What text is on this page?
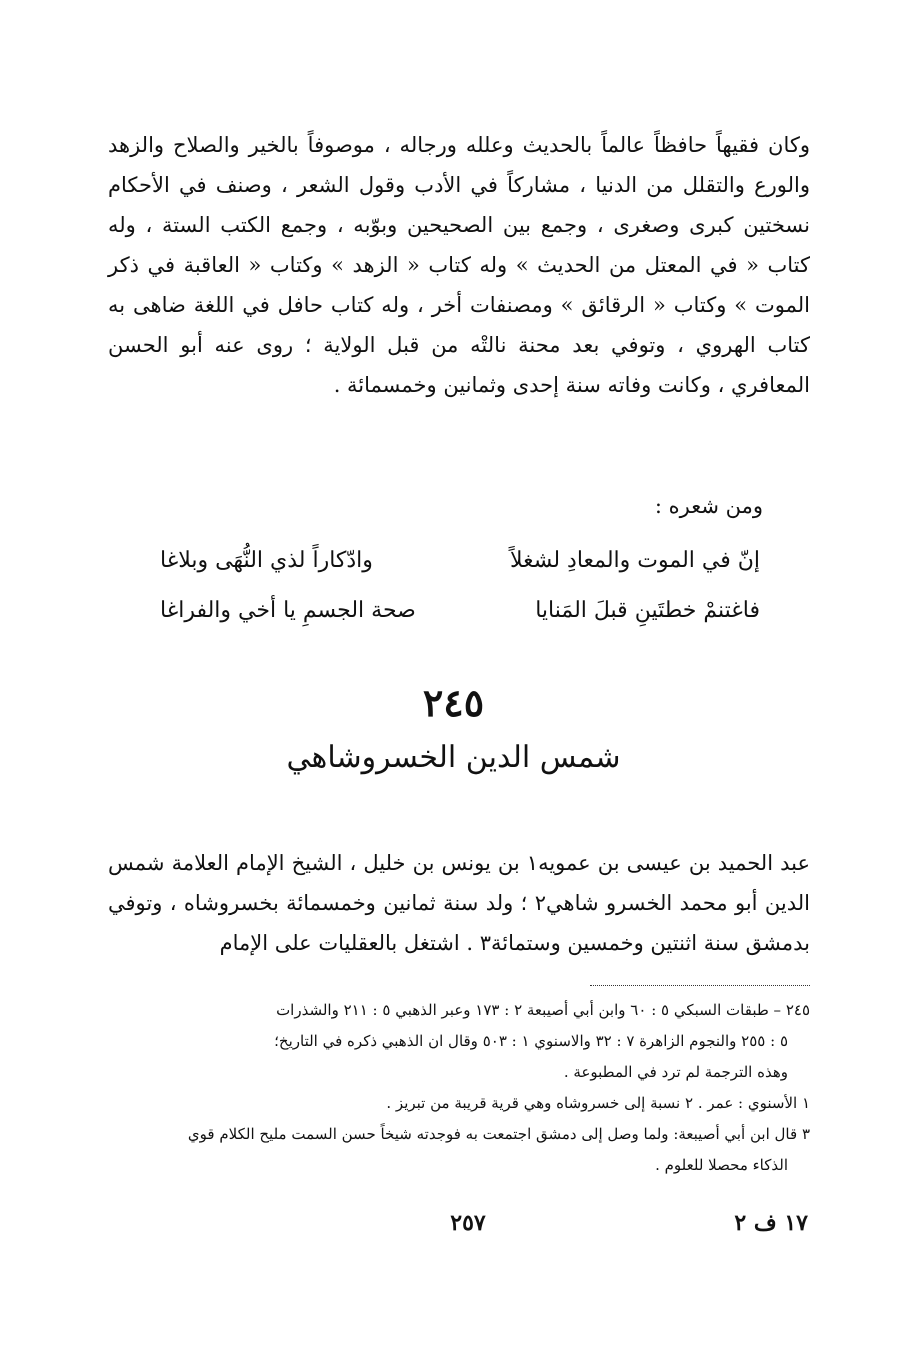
وكان فقيهاً حافظاً عالماً بالحديث وعلله ورجاله ، موصوفاً بالخير والصلاح والزهد والورع والتقلل من الدنيا ، مشاركاً في الأدب وقول الشعر ، وصنف في الأحكام نسختين كبرى وصغرى ، وجمع بين الصحيحين وبوّبه ، وجمع الكتب الستة ، وله كتاب « في المعتل من الحديث » وله كتاب « الزهد » وكتاب « العاقبة في ذكر الموت » وكتاب « الرقائق » ومصنفات أخر ، وله كتاب حافل في اللغة ضاهى به كتاب الهروي ، وتوفي بعد محنة نالتْه من قبل الولاية ؛ روى عنه أبو الحسن المعافري ، وكانت وفاته سنة إحدى وثمانين وخمسمائة .

ومن شعره :
إنّ في الموت والمعادِ لشغلاً
وادّكاراً لذي النُّهَى وبلاغا
فاغتنمْ خطتَينِ قبلَ المَنايا
صحة الجسمِ يا أخي والفراغا
٢٤٥
شمس الدين الخسروشاهي

عبد الحميد بن عيسى بن عمويه١ بن يونس بن خليل ، الشيخ الإمام العلامة شمس الدين أبو محمد الخسرو شاهي٢ ؛ ولد سنة ثمانين وخمسمائة بخسروشاه ، وتوفي بدمشق سنة اثنتين وخمسين وستمائة٣ . اشتغل بالعقليات على الإمام

٢٤٥ – طبقات السبكي ٥ : ٦٠ وابن أبي أصيبعة ٢ : ١٧٣ وعبر الذهبي ٥ : ٢١١ والشذرات

٥ : ٢٥٥ والنجوم الزاهرة ٧ : ٣٢ والاسنوي ١ : ٥٠٣ وقال ان الذهبي ذكره في التاريخ؛

وهذه الترجمة لم ترد في المطبوعة .

١ الأسنوي : عمر . ٢ نسبة إلى خسروشاه وهي قرية قريبة من تبريز .

٣ قال ابن أبي أصيبعة: ولما وصل إلى دمشق اجتمعت به فوجدته شيخاً حسن السمت مليح الكلام قوي

الذكاء محصلا للعلوم .

٢٥٧	١٧ ف ٢
